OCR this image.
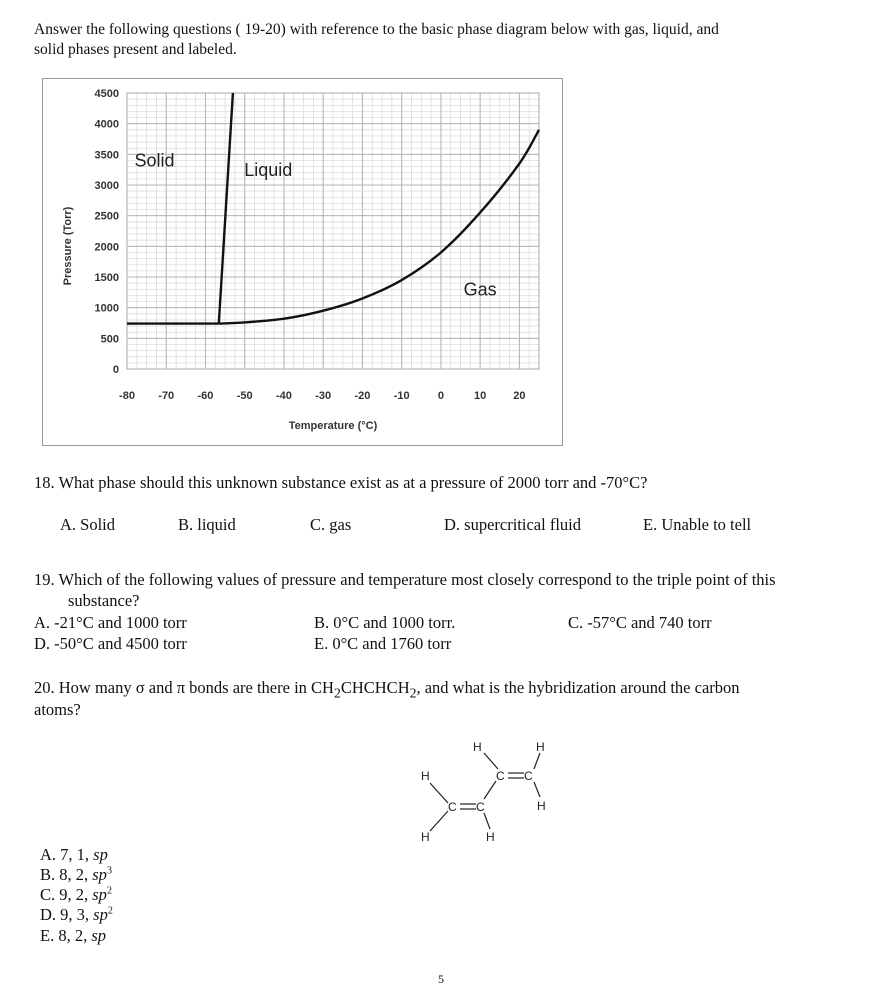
Answer the following questions ( 19-20) with reference to the basic phase diagram below with gas, liquid, and
solid phases present and labeled.
4500
4000
3500
3000
2500
2000
1500
1000
500
0
-80 -70 -60 -50 -40 -30 -20 -10	0	10 20
Temperature (°C)
Pressure (Torr)
Solid	Liquid
Gas
18. What phase should this unknown substance exist as at a pressure of 2000 torr and -70°C?
A. Solid	B. liquid	C. gas	D. supercritical fluid	E. Unable to tell
19. Which of the following values of pressure and temperature most closely correspond to the triple point of this
substance?
A. -21°C and 1000 torr	B. 0°C and 1000 torr.	C. -57°C and 740 torr
D. -50°C and 4500 torr	E. 0°C and 1760 torr
20. How many σ and π bonds are there in $CH_2CHCHCH_2$, and what is the hybridization around the carbon
atoms?
H
H
C C
H
C C
H	H
H
A. 7, 1, sp
B. 8, 2, $sp^3$
C. 9, 2, $sp^2$
D. 9, 3, $sp^2$
E. 8, 2, sp
5
